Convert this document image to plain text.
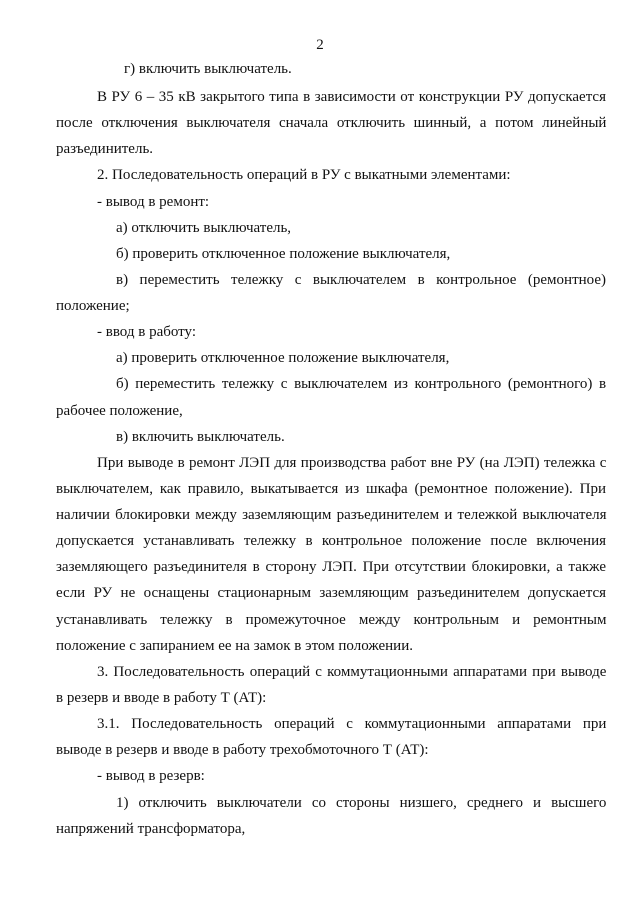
2
г) включить выключатель.
В РУ 6 – 35 кВ закрытого типа в зависимости от конструкции РУ допускается
после отключения выключателя сначала отключить шинный, а потом линейный
разъединитель.
2. Последовательность операций в РУ с выкатными элементами:
- вывод в ремонт:
а) отключить выключатель,
б) проверить отключенное положение выключателя,
в) переместить тележку с выключателем в контрольное (ремонтное)
положение;
- ввод в работу:
а) проверить отключенное положение выключателя,
б) переместить тележку с выключателем из контрольного (ремонтного) в
рабочее положение,
в) включить выключатель.
При выводе в ремонт ЛЭП для производства работ вне РУ (на ЛЭП) тележка с
выключателем, как правило, выкатывается из шкафа (ремонтное положение). При
наличии блокировки между заземляющим разъединителем и тележкой выключателя
допускается устанавливать тележку в контрольное положение после включения
заземляющего разъединителя в сторону ЛЭП. При отсутствии блокировки, а также
если РУ не оснащены стационарным заземляющим разъединителем допускается
устанавливать тележку в промежуточное между контрольным и ремонтным
положение с запиранием ее на замок в этом положении.
3. Последовательность операций с коммутационными аппаратами при выводе
в резерв и вводе в работу Т (АТ):
3.1. Последовательность операций с коммутационными аппаратами при
выводе в резерв и вводе в работу трехобмоточного Т (АТ):
- вывод в резерв:
1) отключить выключатели со стороны низшего, среднего и высшего
напряжений трансформатора,
